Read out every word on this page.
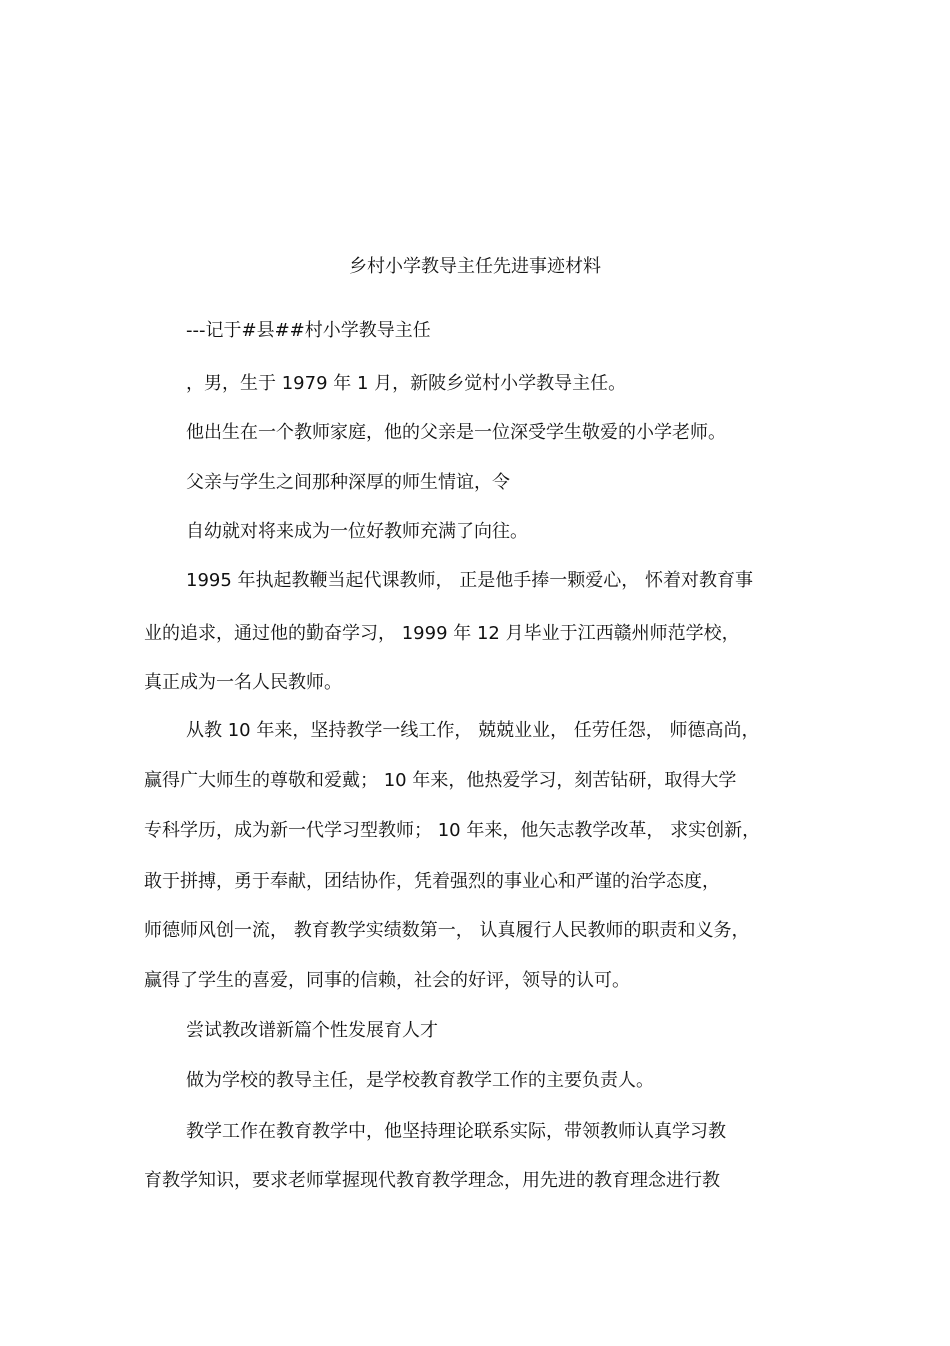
乡村小学教导主任先进事迹材料
---记于#县##村小学教导主任
，男，生于 1979 年 1 月，新陂乡觉村小学教导主任。
他出生在一个教师家庭，他的父亲是一位深受学生敬爱的小学老师。
父亲与学生之间那种深厚的师生情谊，令
自幼就对将来成为一位好教师充满了向往。
1995 年执起教鞭当起代课教师， 正是他手捧一颗爱心， 怀着对教育事
业的追求，通过他的勤奋学习， 1999 年 12 月毕业于江西赣州师范学校，
真正成为一名人民教师。
从教 10 年来，坚持教学一线工作， 兢兢业业， 任劳任怨， 师德高尚，
赢得广大师生的尊敬和爱戴； 10 年来，他热爱学习，刻苦钻研，取得大学
专科学历，成为新一代学习型教师； 10 年来，他矢志教学改革， 求实创新，
敢于拼搏，勇于奉献，团结协作，凭着强烈的事业心和严谨的治学态度，
师德师风创一流， 教育教学实绩数第一， 认真履行人民教师的职责和义务，
赢得了学生的喜爱，同事的信赖，社会的好评，领导的认可。
尝试教改谱新篇个性发展育人才
做为学校的教导主任，是学校教育教学工作的主要负责人。
教学工作在教育教学中，他坚持理论联系实际，带领教师认真学习教
育教学知识，要求老师掌握现代教育教学理念，用先进的教育理念进行教
